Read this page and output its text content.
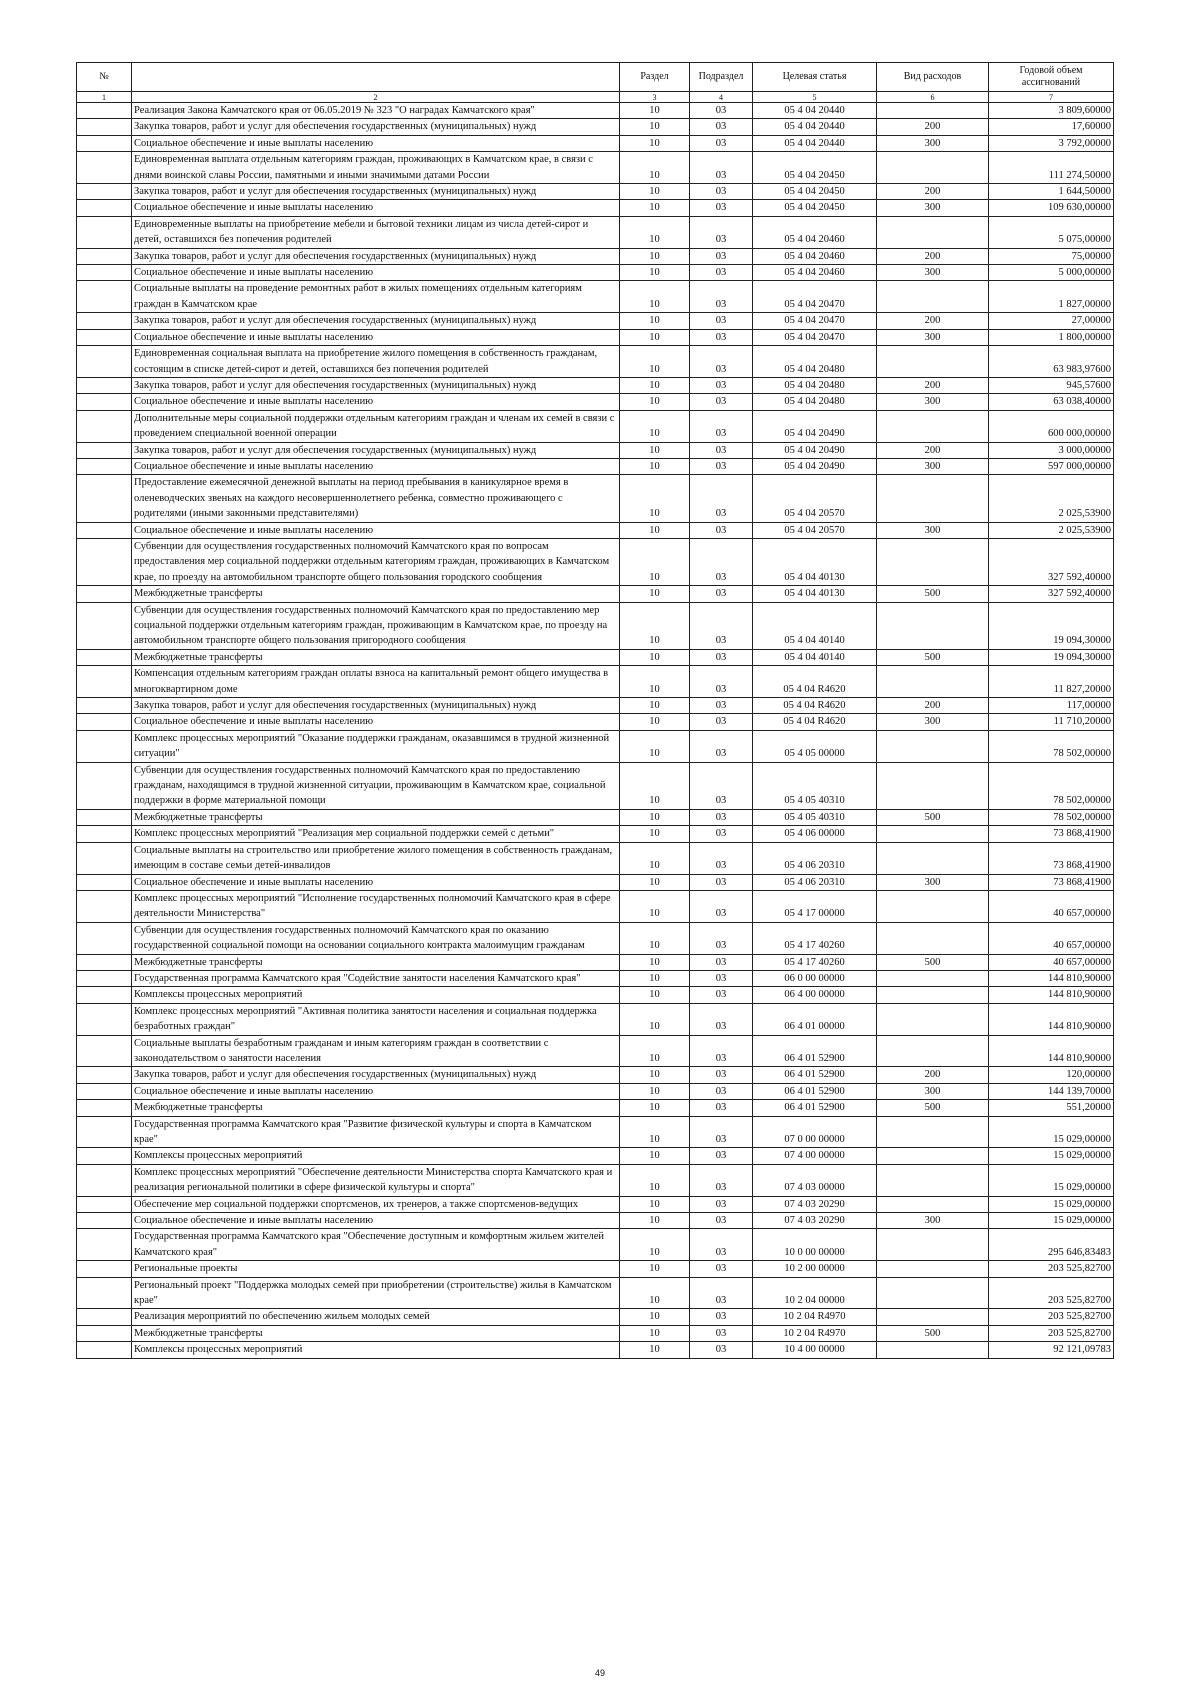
№		Раздел	Подраздел	Целевая статья	Вид расходов	Годовой объем ассигнований
1	2	3	4	5	6	7
	Реализация Закона Камчатского края от 06.05.2019 № 323 "О наградах Камчатского края"	10	03	05 4 04 20440		3 809,60000
	Закупка товаров, работ и услуг для обеспечения государственных (муниципальных) нужд	10	03	05 4 04 20440	200	17,60000
	Социальное обеспечение и иные выплаты населению	10	03	05 4 04 20440	300	3 792,00000
	Единовременная выплата отдельным категориям граждан, проживающих в Камчатском крае, в связи с днями воинской славы России, памятными и иными значимыми датами России	10	03	05 4 04 20450		111 274,50000
	Закупка товаров, работ и услуг для обеспечения государственных (муниципальных) нужд	10	03	05 4 04 20450	200	1 644,50000
	Социальное обеспечение и иные выплаты населению	10	03	05 4 04 20450	300	109 630,00000
	Единовременные выплаты на приобретение мебели и бытовой техники лицам из числа детей-сирот и детей, оставшихся без попечения родителей	10	03	05 4 04 20460		5 075,00000
	Закупка товаров, работ и услуг для обеспечения государственных (муниципальных) нужд	10	03	05 4 04 20460	200	75,00000
	Социальное обеспечение и иные выплаты населению	10	03	05 4 04 20460	300	5 000,00000
	Социальные выплаты на проведение ремонтных работ в жилых помещениях отдельным категориям граждан в Камчатском крае	10	03	05 4 04 20470		1 827,00000
	Закупка товаров, работ и услуг для обеспечения государственных (муниципальных) нужд	10	03	05 4 04 20470	200	27,00000
	Социальное обеспечение и иные выплаты населению	10	03	05 4 04 20470	300	1 800,00000
	Единовременная социальная выплата на приобретение жилого помещения в собственность гражданам, состоящим в списке детей-сирот и детей, оставшихся без попечения родителей	10	03	05 4 04 20480		63 983,97600
	Закупка товаров, работ и услуг для обеспечения государственных (муниципальных) нужд	10	03	05 4 04 20480	200	945,57600
	Социальное обеспечение и иные выплаты населению	10	03	05 4 04 20480	300	63 038,40000
	Дополнительные меры социальной поддержки отдельным категориям граждан и членам их семей в связи с проведением специальной военной операции	10	03	05 4 04 20490		600 000,00000
	Закупка товаров, работ и услуг для обеспечения государственных (муниципальных) нужд	10	03	05 4 04 20490	200	3 000,00000
	Социальное обеспечение и иные выплаты населению	10	03	05 4 04 20490	300	597 000,00000
	Предоставление ежемесячной денежной выплаты на период пребывания в каникулярное время в оленеводческих звеньях на каждого несовершеннолетнего ребенка, совместно проживающего с родителями (иными законными представителями)	10	03	05 4 04 20570		2 025,53900
	Социальное обеспечение и иные выплаты населению	10	03	05 4 04 20570	300	2 025,53900
	Субвенции для осуществления государственных полномочий Камчатского края по вопросам предоставления мер социальной поддержки отдельным категориям граждан, проживающих в Камчатском крае, по проезду на автомобильном транспорте общего пользования городского сообщения	10	03	05 4 04 40130		327 592,40000
	Межбюджетные трансферты	10	03	05 4 04 40130	500	327 592,40000
	Субвенции для осуществления государственных полномочий Камчатского края по предоставлению мер социальной поддержки отдельным категориям граждан, проживающим в Камчатском крае, по проезду на автомобильном транспорте общего пользования пригородного сообщения	10	03	05 4 04 40140		19 094,30000
	Межбюджетные трансферты	10	03	05 4 04 40140	500	19 094,30000
	Компенсация отдельным категориям граждан оплаты взноса на капитальный ремонт общего имущества в многоквартирном доме	10	03	05 4 04 R4620		11 827,20000
	Закупка товаров, работ и услуг для обеспечения государственных (муниципальных) нужд	10	03	05 4 04 R4620	200	117,00000
	Социальное обеспечение и иные выплаты населению	10	03	05 4 04 R4620	300	11 710,20000
	Комплекс процессных мероприятий "Оказание поддержки гражданам, оказавшимся в трудной жизненной ситуации"	10	03	05 4 05 00000		78 502,00000
	Субвенции для осуществления государственных полномочий Камчатского края по предоставлению гражданам, находящимся в трудной жизненной ситуации, проживающим в Камчатском крае, социальной поддержки в форме материальной помощи	10	03	05 4 05 40310		78 502,00000
	Межбюджетные трансферты	10	03	05 4 05 40310	500	78 502,00000
	Комплекс процессных мероприятий "Реализация мер социальной поддержки семей с детьми"	10	03	05 4 06 00000		73 868,41900
	Социальные выплаты на строительство или приобретение жилого помещения в собственность гражданам, имеющим в составе семьи детей-инвалидов	10	03	05 4 06 20310		73 868,41900
	Социальное обеспечение и иные выплаты населению	10	03	05 4 06 20310	300	73 868,41900
	Комплекс процессных мероприятий "Исполнение государственных полномочий Камчатского края в сфере деятельности Министерства"	10	03	05 4 17 00000		40 657,00000
	Субвенции для осуществления государственных полномочий Камчатского края по оказанию государственной социальной помощи на основании социального контракта малоимущим гражданам	10	03	05 4 17 40260		40 657,00000
	Межбюджетные трансферты	10	03	05 4 17 40260	500	40 657,00000
	Государственная программа Камчатского края "Содействие занятости населения Камчатского края"	10	03	06 0 00 00000		144 810,90000
	Комплексы процессных мероприятий	10	03	06 4 00 00000		144 810,90000
	Комплекс процессных мероприятий "Активная политика занятости населения и социальная поддержка безработных граждан"	10	03	06 4 01 00000		144 810,90000
	Социальные выплаты безработным гражданам и иным категориям граждан в соответствии с законодательством о занятости населения	10	03	06 4 01 52900		144 810,90000
	Закупка товаров, работ и услуг для обеспечения государственных (муниципальных) нужд	10	03	06 4 01 52900	200	120,00000
	Социальное обеспечение и иные выплаты населению	10	03	06 4 01 52900	300	144 139,70000
	Межбюджетные трансферты	10	03	06 4 01 52900	500	551,20000
	Государственная программа Камчатского края "Развитие физической культуры и спорта в Камчатском крае"	10	03	07 0 00 00000		15 029,00000
	Комплексы процессных мероприятий	10	03	07 4 00 00000		15 029,00000
	Комплекс процессных мероприятий "Обеспечение деятельности Министерства спорта Камчатского края и реализация региональной политики в сфере физической культуры и спорта"	10	03	07 4 03 00000		15 029,00000
	Обеспечение мер социальной поддержки спортсменов, их тренеров, а также спортсменов-ведущих	10	03	07 4 03 20290		15 029,00000
	Социальное обеспечение и иные выплаты населению	10	03	07 4 03 20290	300	15 029,00000
	Государственная программа Камчатского края "Обеспечение доступным и комфортным жильем жителей Камчатского края"	10	03	10 0 00 00000		295 646,83483
	Региональные проекты	10	03	10 2 00 00000		203 525,82700
	Региональный проект "Поддержка молодых семей при приобретении (строительстве) жилья в Камчатском крае"	10	03	10 2 04 00000		203 525,82700
	Реализация мероприятий по обеспечению жильем молодых семей	10	03	10 2 04 R4970		203 525,82700
	Межбюджетные трансферты	10	03	10 2 04 R4970	500	203 525,82700
	Комплексы процессных мероприятий	10	03	10 4 00 00000		92 121,09783
49
